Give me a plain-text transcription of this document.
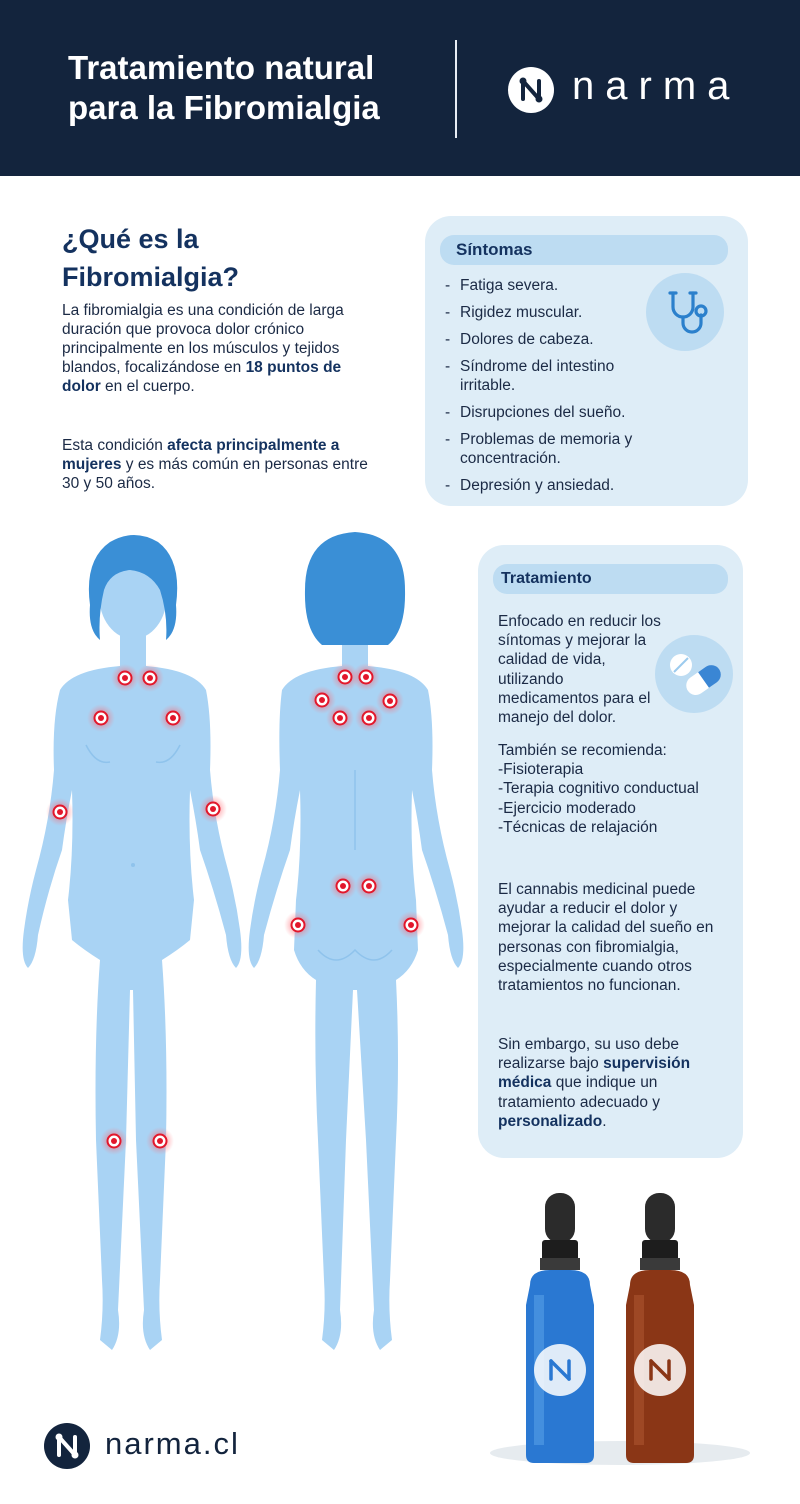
Tratamiento natural
para la Fibromialgia	narma
¿Qué es la
Fibromialgia?

La fibromialgia es una condición de larga duración que provoca dolor crónico principalmente en los músculos y tejidos blandos, focalizándose en 18 puntos de dolor en el cuerpo.

Esta condición afecta principalmente a mujeres y es más común en personas entre 30 y 50 años.

Síntomas
- Fatiga severa.
- Rigidez muscular.
- Dolores de cabeza.
- Síndrome del intestino irritable.
- Disrupciones del sueño.
- Problemas de memoria y concentración.
- Depresión y ansiedad.
Tratamiento

Enfocado en reducir los síntomas y mejorar la calidad de vida, utilizando medicamentos para el manejo del dolor.

También se recomienda:
-Fisioterapia
-Terapia cognitivo conductual
-Ejercicio moderado
-Técnicas de relajación

El cannabis medicinal puede ayudar a reducir el dolor y mejorar la calidad del sueño en personas con fibromialgia, especialmente cuando otros tratamientos no funcionan.

Sin embargo, su uso debe realizarse bajo supervisión médica que indique un tratamiento adecuado y personalizado.

narma.cl
